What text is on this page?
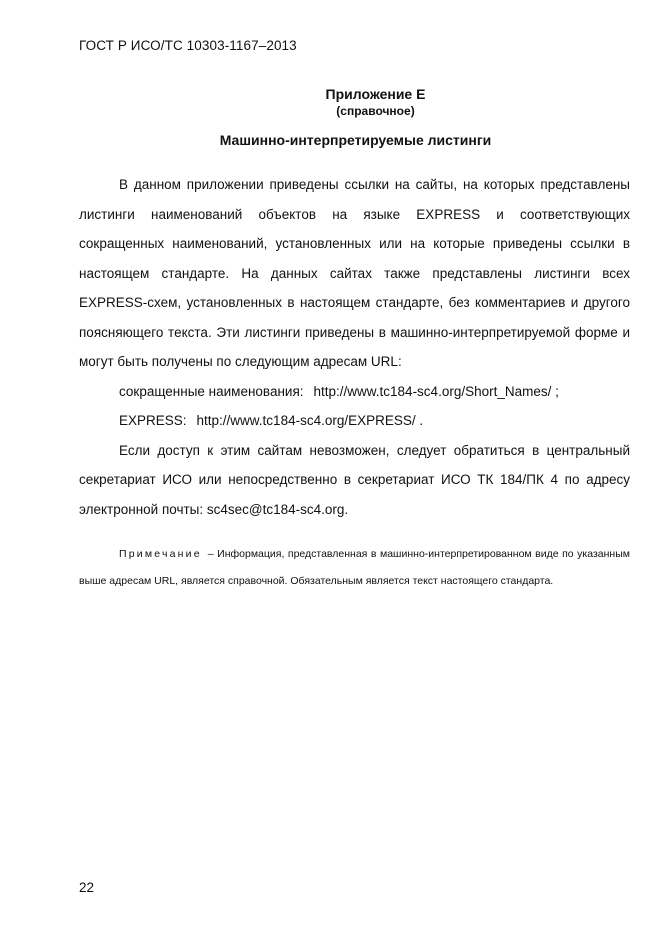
ГОСТ Р ИСО/ТС 10303-1167–2013
Приложение E
(справочное)
Машинно-интерпретируемые листинги

В данном приложении приведены ссылки на сайты, на которых представлены листинги наименований объектов на языке EXPRESS и соответствующих сокращенных наименований, установленных или на которые приведены ссылки в настоящем стандарте. На данных сайтах также представлены листинги всех EXPRESS-схем, установленных в настоящем стандарте, без комментариев и другого поясняющего текста. Эти листинги приведены в машинно-интерпретируемой форме и могут быть получены по следующим адресам URL:

сокращенные наименования: http://www.tc184-sc4.org/Short_Names/ ;

EXPRESS: http://www.tc184-sc4.org/EXPRESS/ .

Если доступ к этим сайтам невозможен, следует обратиться в центральный секретариат ИСО или непосредственно в секретариат ИСО ТК 184/ПК 4 по адресу электронной почты: sc4sec@tc184-sc4.org.

Примечание – Информация, представленная в машинно-интерпретированном виде по указанным выше адресам URL, является справочной. Обязательным является текст настоящего стандарта.
22
